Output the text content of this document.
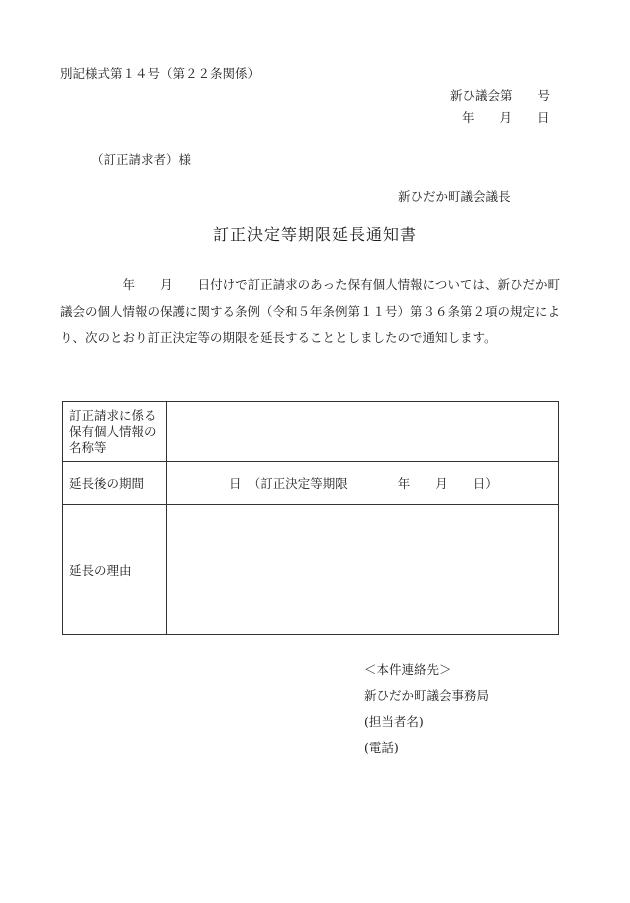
別記様式第１４号（第２２条関係）
新ひ議会第　　号
年　　月　　日
（訂正請求者）様
新ひだか町議会議長
訂正決定等期限延長通知書
　　　　　年　　月　　日付けで訂正請求のあった保有個人情報については、新ひだか町議会の個人情報の保護に関する条例（令和５年条例第１１号）第３６条第２項の規定により、次のとおり訂正決定等の期限を延長することとしましたので通知します。
訂正請求に係る保有個人情報の名称等	
延長後の期間	日　（訂正決定等期限　　　　年　　月　　日）
延長の理由	
＜本件連絡先＞
新ひだか町議会事務局
(担当者名)
(電話)
